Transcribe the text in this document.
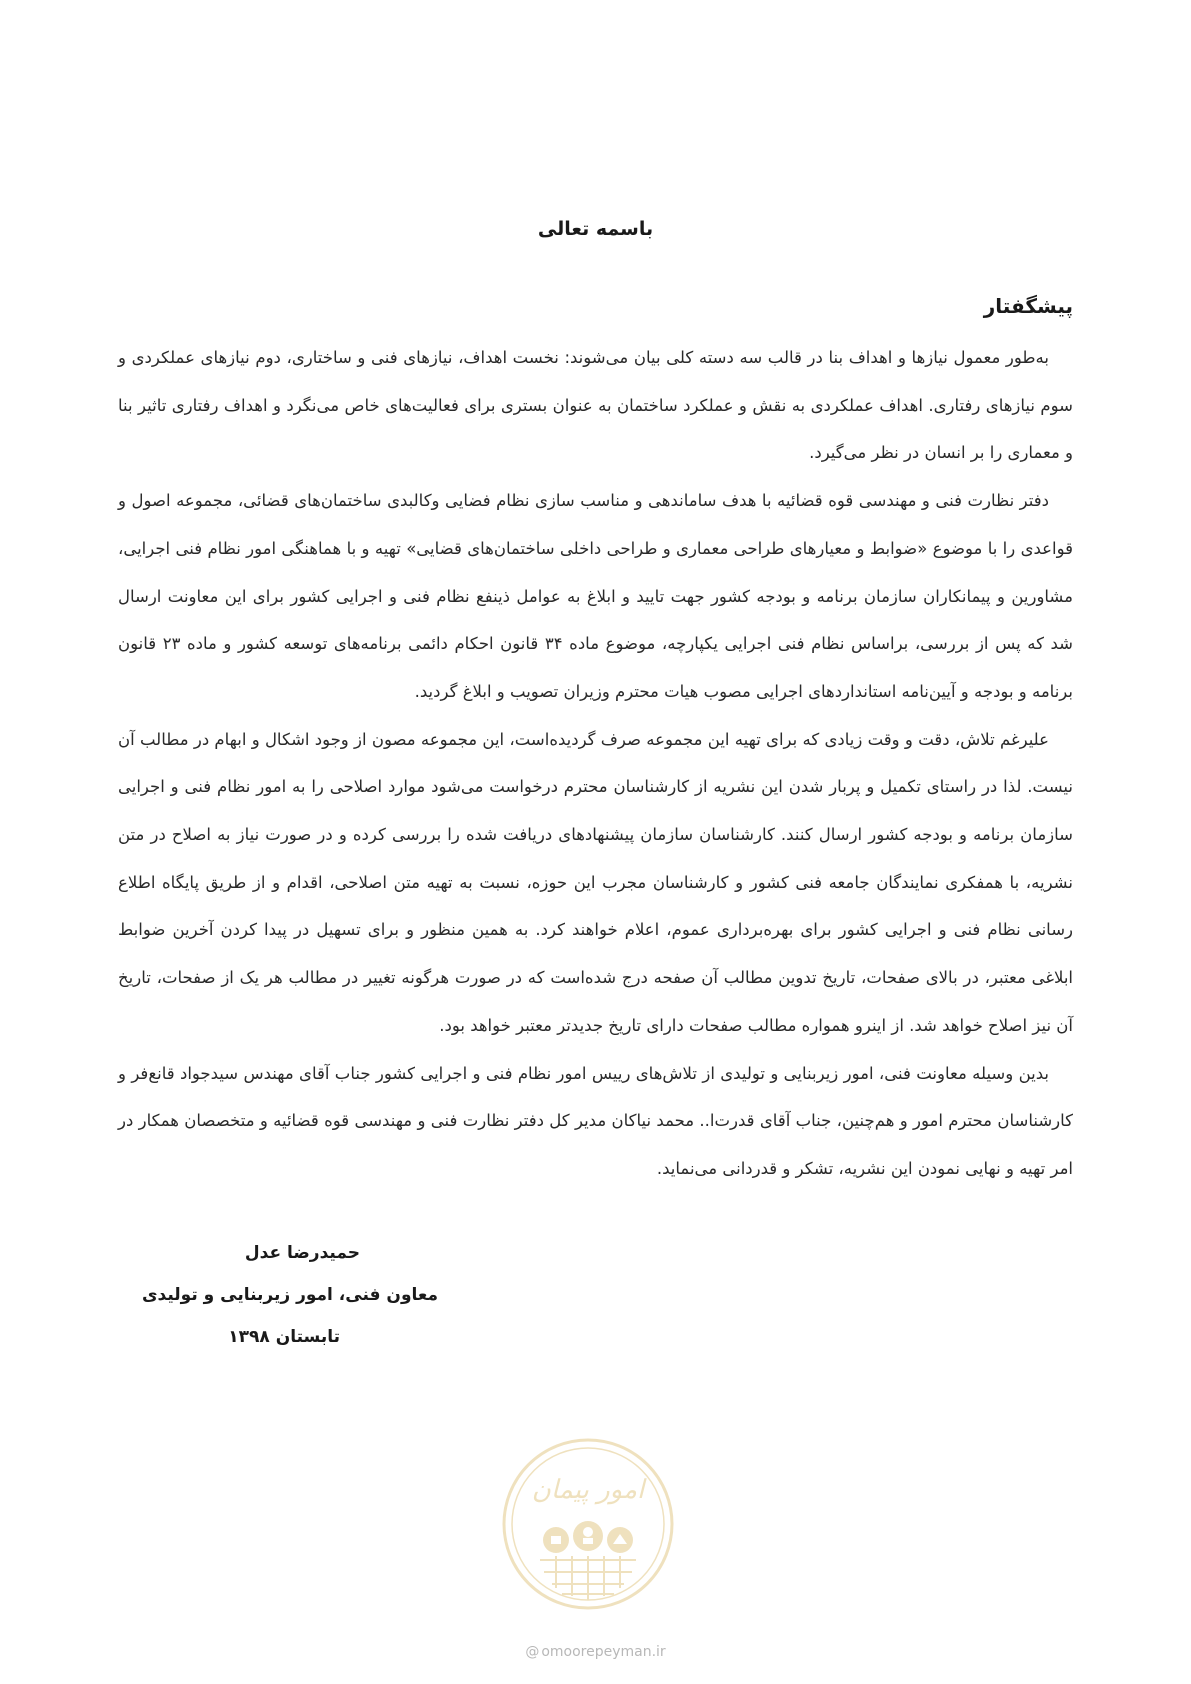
باسمه تعالی
پیشگفتار

به‌طور معمول نیازها و اهداف بنا در قالب سه دسته کلی بیان می‌شوند: نخست اهداف، نیازهای فنی و ساختاری، دوم نیازهای عملکردی و سوم نیازهای رفتاری. اهداف عملکردی به نقش و عملکرد ساختمان به عنوان بستری برای فعالیت‌های خاص می‌نگرد و اهداف رفتاری تاثیر بنا و معماری را بر انسان در نظر می‌گیرد.

دفتر نظارت فنی و مهندسی قوه قضائیه با هدف ساماندهی و مناسب سازی نظام فضایی وکالبدی ساختمان‌های قضائی، مجموعه اصول و قواعدی را با موضوع «ضوابط و معیارهای طراحی معماری و طراحی داخلی ساختمان‌های قضایی» تهیه و با هماهنگی امور نظام فنی اجرایی، مشاورین و پیمانکاران سازمان برنامه و بودجه کشور جهت تایید و ابلاغ به عوامل ذینفع نظام فنی و اجرایی کشور برای این معاونت ارسال شد که پس از بررسی، براساس نظام فنی اجرایی یکپارچه، موضوع ماده ۳۴ قانون احکام دائمی برنامه‌های توسعه کشور و ماده ۲۳ قانون برنامه و بودجه و آیین‌نامه استانداردهای اجرایی مصوب هیات محترم وزیران تصویب و ابلاغ گردید.

علیرغم تلاش، دقت و وقت زیادی که برای تهیه این مجموعه صرف گردیده‌است، این مجموعه مصون از وجود اشکال و ابهام در مطالب آن نیست. لذا در راستای تکمیل و پربار شدن این نشریه از کارشناسان محترم درخواست می‌شود موارد اصلاحی را به امور نظام فنی و اجرایی سازمان برنامه و بودجه کشور ارسال کنند. کارشناسان سازمان پیشنهادهای دریافت شده را بررسی کرده و در صورت نیاز به اصلاح در متن نشریه، با همفکری نمایندگان جامعه فنی کشور و کارشناسان مجرب این حوزه، نسبت به تهیه متن اصلاحی، اقدام و از طریق پایگاه اطلاع رسانی نظام فنی و اجرایی کشور برای بهره‌برداری عموم، اعلام خواهند کرد. به همین منظور و برای تسهیل در پیدا کردن آخرین ضوابط ابلاغی معتبر، در بالای صفحات، تاریخ تدوین مطالب آن صفحه درج شده‌است که در صورت هرگونه تغییر در مطالب هر یک از صفحات، تاریخ آن نیز اصلاح خواهد شد. از اینرو همواره مطالب صفحات دارای تاریخ جدیدتر معتبر خواهد بود.

بدین وسیله معاونت فنی، امور زیربنایی و تولیدی از تلاش‌های رییس امور نظام فنی و اجرایی کشور جناب آقای مهندس سیدجواد قانع‌فر و کارشناسان محترم امور و هم‌چنین، جناب آقای قدرت‌ا.. محمد نیاکان مدیر کل دفتر نظارت فنی و مهندسی قوه قضائیه و متخصصان همکار در امر تهیه و نهایی نمودن این نشریه، تشکر و قدردانی می‌نماید.

حمیدرضا عدل
معاون فنی، امور زیربنایی و تولیدی
تابستان ۱۳۹۸
امور پیمان
@ omoorepeyman.ir
